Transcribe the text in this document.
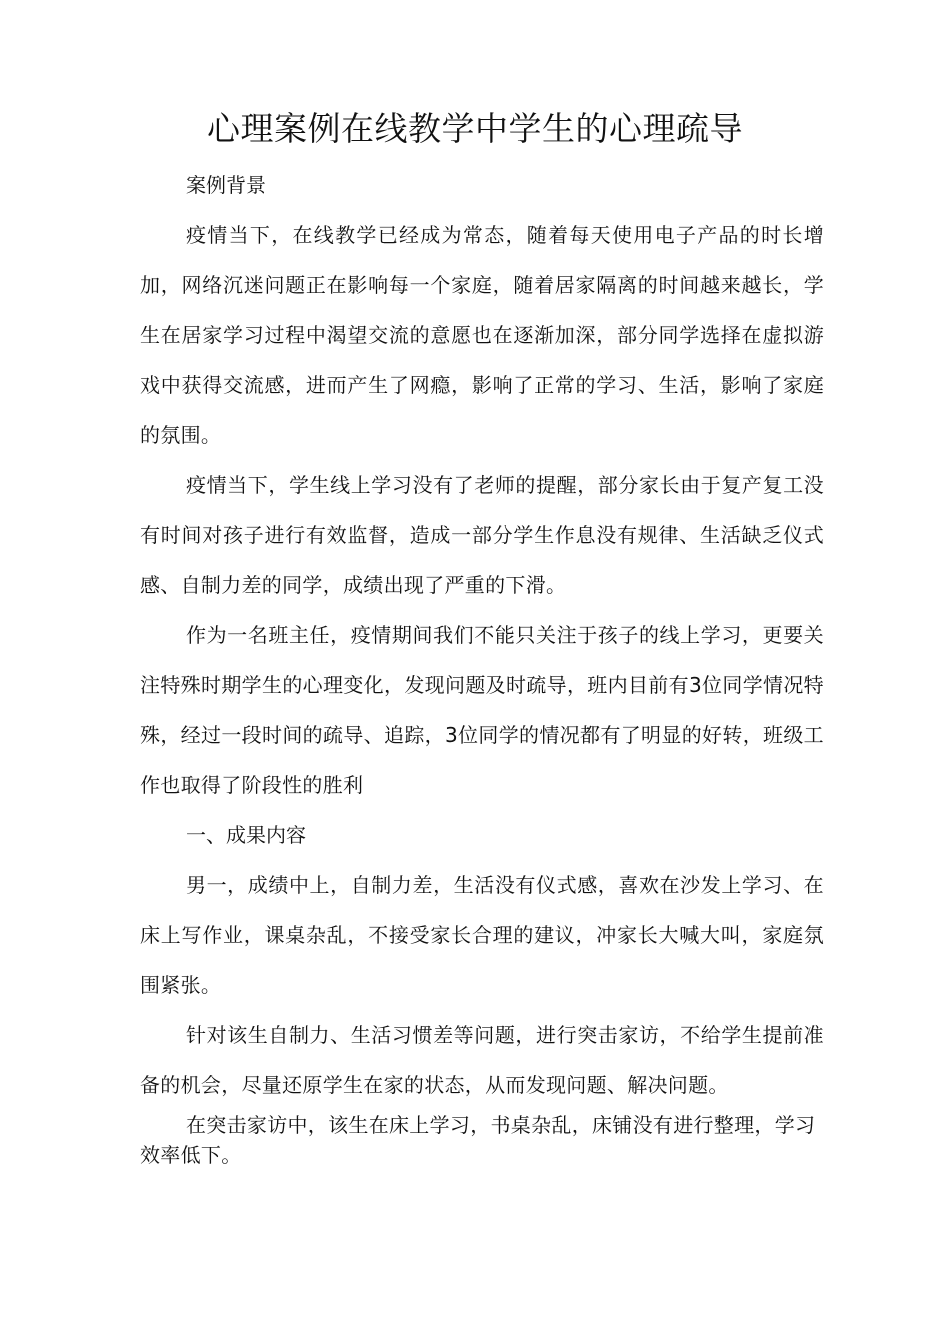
心理案例在线教学中学生的心理疏导

案例背景

疫情当下，在线教学已经成为常态，随着每天使用电子产品的时长增加，网络沉迷问题正在影响每一个家庭，随着居家隔离的时间越来越长，学生在居家学习过程中渴望交流的意愿也在逐渐加深，部分同学选择在虚拟游戏中获得交流感，进而产生了网瘾，影响了正常的学习、生活，影响了家庭的氛围。

疫情当下，学生线上学习没有了老师的提醒，部分家长由于复产复工没有时间对孩子进行有效监督，造成一部分学生作息没有规律、生活缺乏仪式感、自制力差的同学，成绩出现了严重的下滑。

作为一名班主任，疫情期间我们不能只关注于孩子的线上学习，更要关注特殊时期学生的心理变化，发现问题及时疏导，班内目前有3位同学情况特殊，经过一段时间的疏导、追踪，3位同学的情况都有了明显的好转，班级工作也取得了阶段性的胜利

一、成果内容

男一，成绩中上，自制力差，生活没有仪式感，喜欢在沙发上学习、在床上写作业，课桌杂乱，不接受家长合理的建议，冲家长大喊大叫，家庭氛围紧张。

针对该生自制力、生活习惯差等问题，进行突击家访，不给学生提前准备的机会，尽量还原学生在家的状态，从而发现问题、解决问题。

在突击家访中，该生在床上学习，书桌杂乱，床铺没有进行整理，学习效率低下。
